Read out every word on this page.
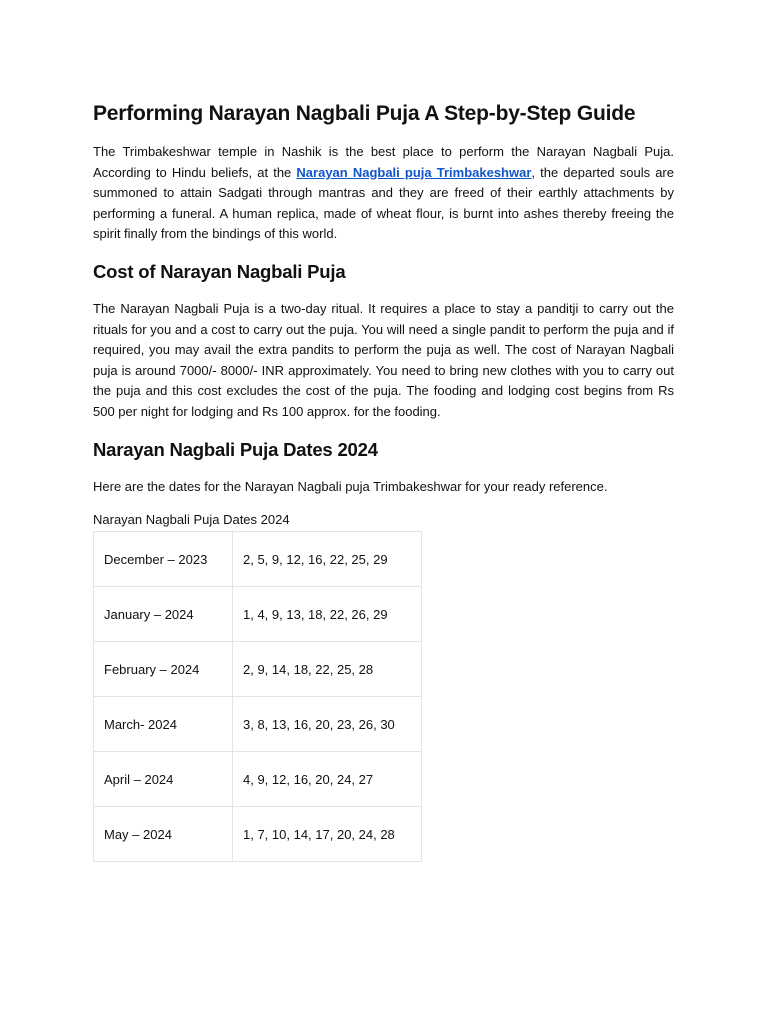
Performing Narayan Nagbali Puja A Step-by-Step Guide

The Trimbakeshwar temple in Nashik is the best place to perform the Narayan Nagbali Puja. According to Hindu beliefs, at the Narayan Nagbali puja Trimbakeshwar, the departed souls are summoned to attain Sadgati through mantras and they are freed of their earthly attachments by performing a funeral. A human replica, made of wheat flour, is burnt into ashes thereby freeing the spirit finally from the bindings of this world.

Cost of Narayan Nagbali Puja

The Narayan Nagbali Puja is a two-day ritual. It requires a place to stay a panditji to carry out the rituals for you and a cost to carry out the puja. You will need a single pandit to perform the puja and if required, you may avail the extra pandits to perform the puja as well. The cost of Narayan Nagbali puja is around 7000/- 8000/- INR approximately. You need to bring new clothes with you to carry out the puja and this cost excludes the cost of the puja. The fooding and lodging cost begins from Rs 500 per night for lodging and Rs 100 approx. for the fooding.

Narayan Nagbali Puja Dates 2024

Here are the dates for the Narayan Nagbali puja Trimbakeshwar for your ready reference.

Narayan Nagbali Puja Dates 2024
December – 2023	2, 5, 9, 12, 16, 22, 25, 29
January – 2024	1, 4, 9, 13, 18, 22, 26, 29
February – 2024	2, 9, 14, 18, 22, 25, 28
March- 2024	3, 8, 13, 16, 20, 23, 26, 30
April – 2024	4, 9, 12, 16, 20, 24, 27
May – 2024	1, 7, 10, 14, 17, 20, 24, 28
